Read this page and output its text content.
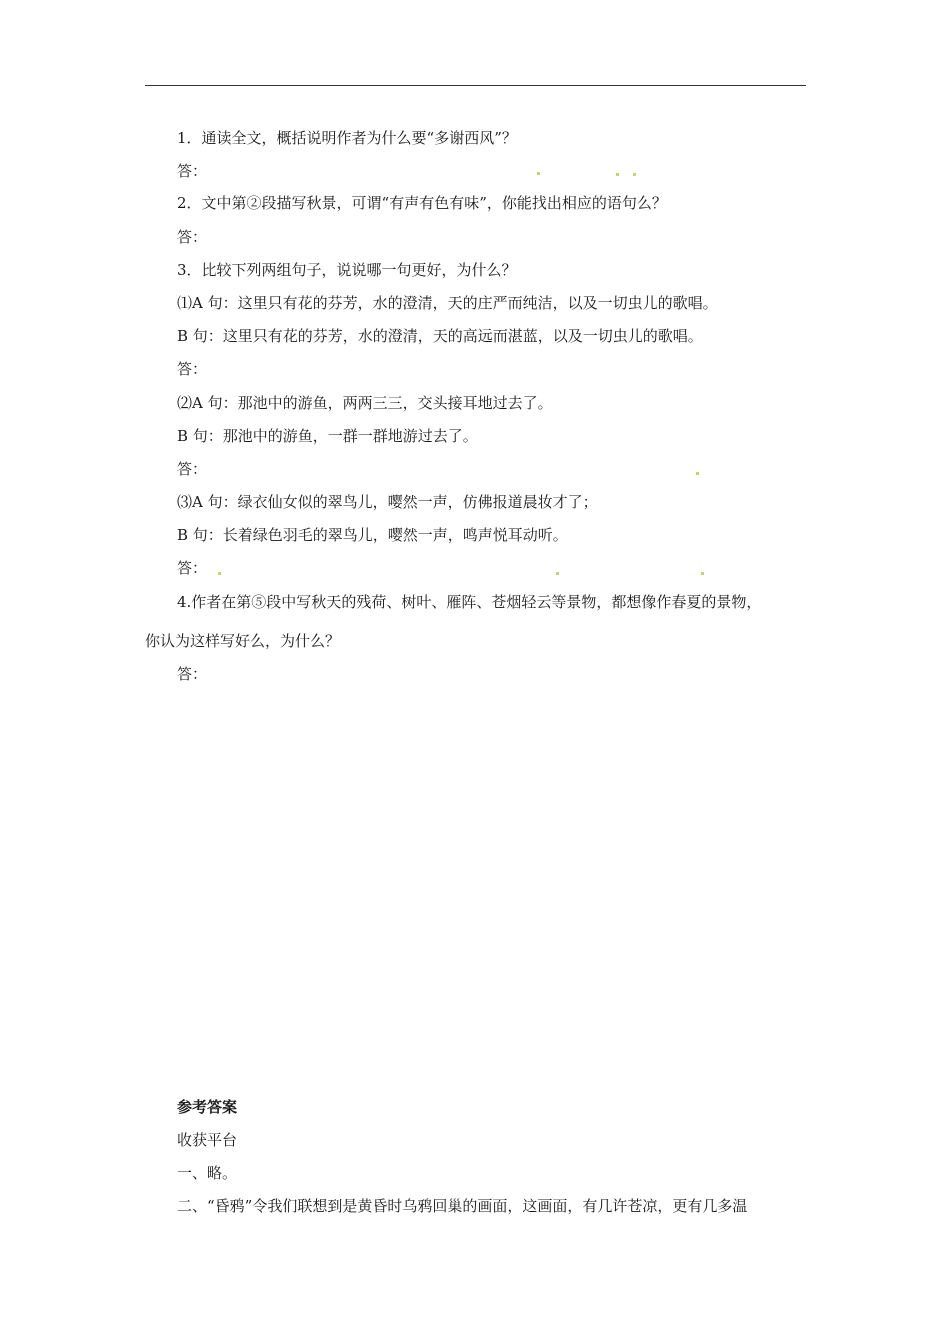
1．通读全文，概括说明作者为什么要“多谢西风”？
答：
2．文中第②段描写秋景，可谓“有声有色有味”，你能找出相应的语句么？
答：
3．比较下列两组句子，说说哪一句更好，为什么？
⑴A 句：这里只有花的芬芳，水的澄清，天的庄严而纯洁，以及一切虫儿的歌唱。
B 句：这里只有花的芬芳，水的澄清，天的高远而湛蓝，以及一切虫儿的歌唱。
答：
⑵A 句：那池中的游鱼，两两三三，交头接耳地过去了。
B 句：那池中的游鱼，一群一群地游过去了。
答：
⑶A 句：绿衣仙女似的翠鸟儿，嘤然一声，仿佛报道晨妆才了；
B 句：长着绿色羽毛的翠鸟儿，嘤然一声，鸣声悦耳动听。
答：
4.作者在第⑤段中写秋天的残荷、树叶、雁阵、苍烟轻云等景物，都想像作春夏的景物，
你认为这样写好么，为什么？
答：
参考答案
收获平台
一、略。
二、“昏鸦”令我们联想到是黄昏时乌鸦回巢的画面，这画面，有几许苍凉，更有几多温
